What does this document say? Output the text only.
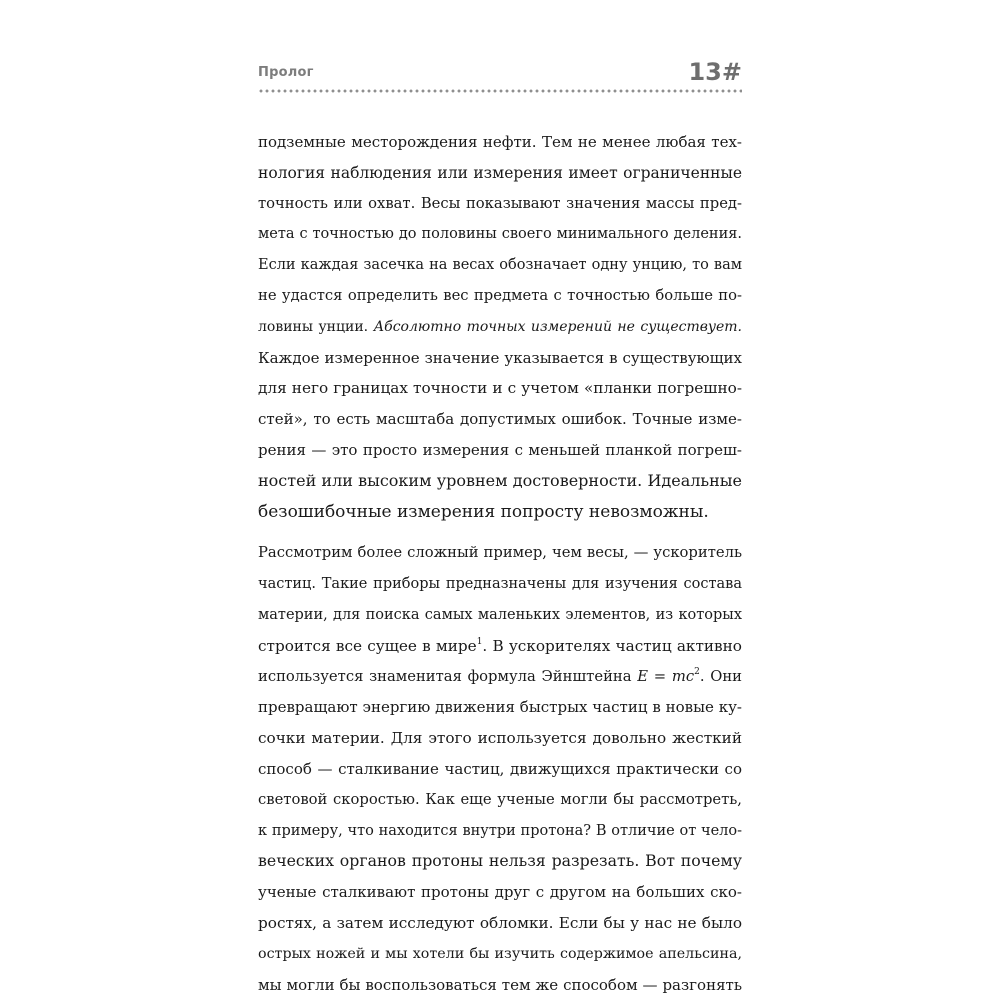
Пролог	13#
подземные месторождения нефти. Тем не менее любая тех-
нология наблюдения или измерения имеет ограниченные
точность или охват. Весы показывают значения массы пред-
мета с точностью до половины своего минимального деления.
Если каждая засечка на весах обозначает одну унцию, то вам
не удастся определить вес предмета с точностью больше по-
ловины унции. Абсолютно точных измерений не существует.
Каждое измеренное значение указывается в существующих
для него границах точности и с учетом «планки погрешно-
стей», то есть масштаба допустимых ошибок. Точные изме-
рения — это просто измерения с меньшей планкой погреш-
ностей или высоким уровнем достоверности. Идеальные
безошибочные измерения попросту невозможны.
Рассмотрим более сложный пример, чем весы, — ускоритель
частиц. Такие приборы предназначены для изучения состава
материи, для поиска самых маленьких элементов, из которых
строится все сущее в мире$^1$. В ускорителях частиц активно
используется знаменитая формула Эйнштейна $E = mc^2$. Они
превращают энергию движения быстрых частиц в новые ку-
сочки материи. Для этого используется довольно жесткий
способ — сталкивание частиц, движущихся практически со
световой скоростью. Как еще ученые могли бы рассмотреть,
к примеру, что находится внутри протона? В отличие от чело-
веческих органов протоны нельзя разрезать. Вот почему
ученые сталкивают протоны друг с другом на больших ско-
ростях, а затем исследуют обломки. Если бы у нас не было
острых ножей и мы хотели бы изучить содержимое апельсина,
мы могли бы воспользоваться тем же способом — разгонять
